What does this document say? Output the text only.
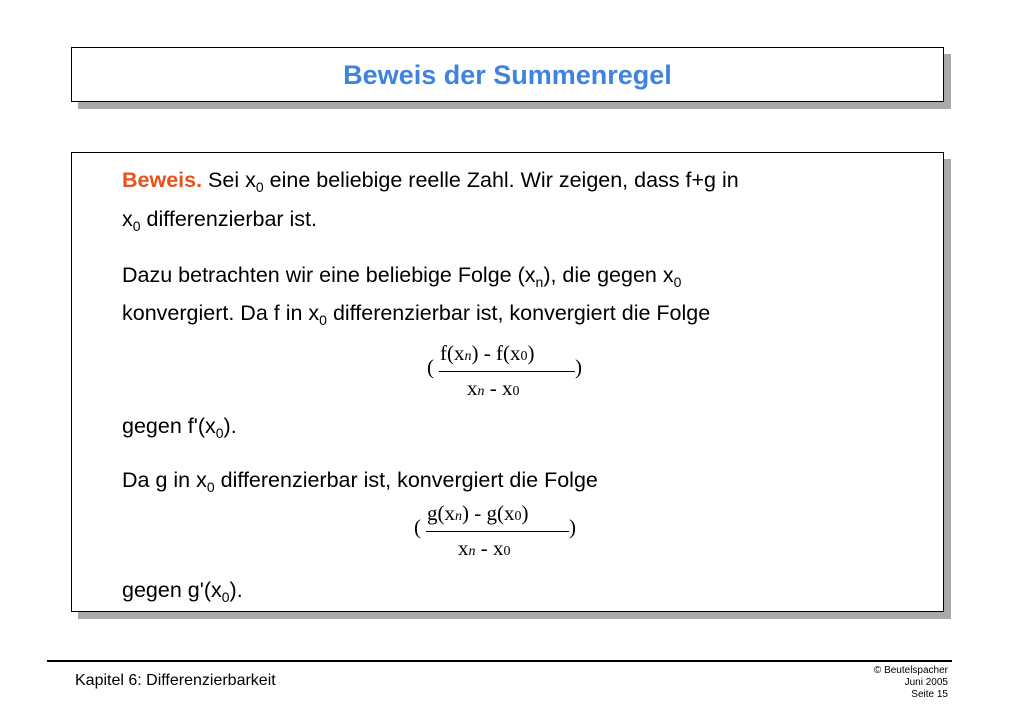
Beweis der Summenregel
Beweis. Sei $x_0$ eine beliebige reelle Zahl. Wir zeigen, dass f+g in
$x_0$ differenzierbar ist.
Dazu betrachten wir eine beliebige Folge $(x_n)$, die gegen $x_0$
konvergiert. Da f in $x_0$ differenzierbar ist, konvergiert die Folge
(
f(xn) - f(x0)
xn - x0
)
gegen $f'(x_0)$.
Da g in $x_0$ differenzierbar ist, konvergiert die Folge
(
g(xn) - g(x0)
xn - x0
)
gegen $g'(x_0)$.
Kapitel 6: Differenzierbarkeit
© Beutelspacher
Juni 2005
Seite 15
